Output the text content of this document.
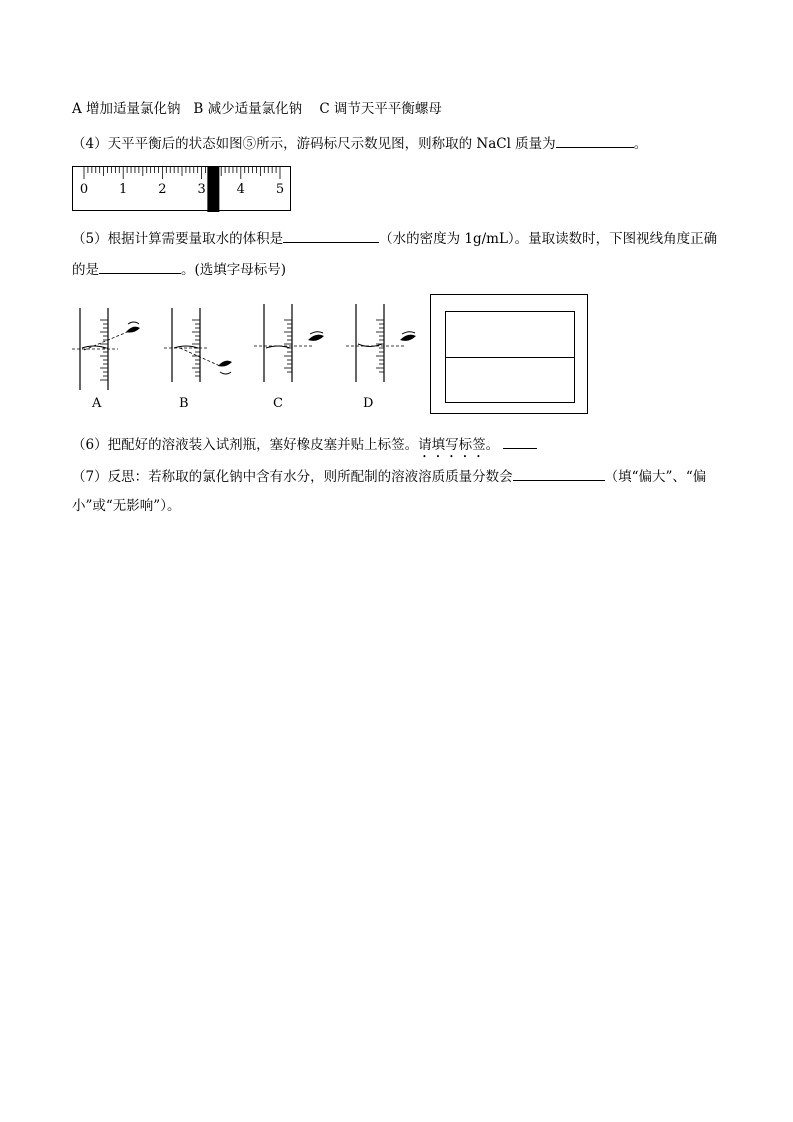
A 增加适量氯化钠 B 减少适量氯化钠 C 调节天平平衡螺母
（4）天平平衡后的状态如图⑤所示，游码标尺示数见图，则称取的 NaCl 质量为	。
0 1 2 3 4 5
（5）根据计算需要量取水的体积是	（水的密度为 1g/mL）。量取读数时，下图视线角度正确
的是	。(选填字母标号)
A	B	C	D
（6）把配好的溶液装入试剂瓶，塞好橡皮塞并贴上标签。请填写标签。
（7）反思：若称取的氯化钠中含有水分，则所配制的溶液溶质质量分数会	（填“偏大”、“偏
小”或“无影响”）。
